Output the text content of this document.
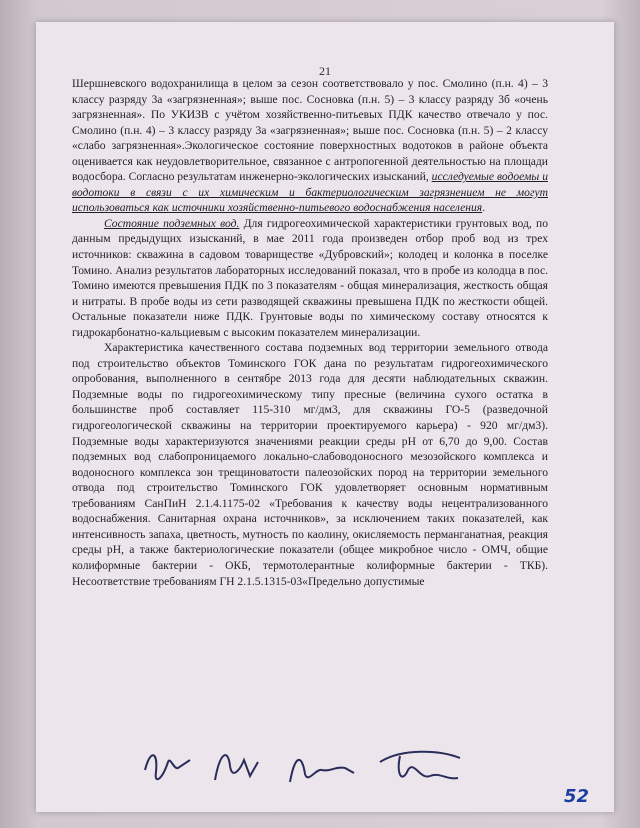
21

Шершневского водохранилища в целом за сезон соответствовало у пос. Смолино (п.н. 4) – 3 классу разряду 3а «загрязненная»; выше пос. Сосновка (п.н. 5) – 3 классу разряду 3б «очень загрязненная». По УКИЗВ с учётом хозяйственно-питьевых ПДК качество отвечало у пос. Смолино (п.н. 4) – 3 классу разряду 3а «загрязненная»; выше пос. Сосновка (п.н. 5) – 2 классу «слабо загрязненная».Экологическое состояние поверхностных водотоков в районе объекта оценивается как неудовлетворительное, связанное с антропогенной деятельностью на площади водосбора. Согласно результатам инженерно-экологических изысканий, исследуемые водоемы и водотоки в связи с их химическим и бактериологическим загрязнением не могут использоваться как источники хозяйственно-питьевого водоснабжения населения.

Состояние подземных вод. Для гидрогеохимической характеристики грунтовых вод, по данным предыдущих изысканий, в мае 2011 года произведен отбор проб вод из трех источников: скважина в садовом товариществе «Дубровский»; колодец и колонка в поселке Томино. Анализ результатов лабораторных исследований показал, что в пробе из колодца в пос. Томино имеются превышения ПДК по 3 показателям - общая минерализация, жесткость общая и нитраты. В пробе воды из сети разводящей скважины превышена ПДК по жесткости общей. Остальные показатели ниже ПДК. Грунтовые воды по химическому составу относятся к гидрокарбонатно-кальциевым с высоким показателем минерализации.

Характеристика качественного состава подземных вод территории земельного отвода под строительство объектов Томинского ГОК дана по результатам гидрогеохимического опробования, выполненного в сентябре 2013 года для десяти наблюдательных скважин. Подземные воды по гидрогеохимическому типу пресные (величина сухого остатка в большинстве проб составляет 115-310 мг/дм3, для скважины ГО-5 (разведочной гидрогеологической скважины на территории проектируемого карьера) - 920 мг/дм3). Подземные воды характеризуются значениями реакции среды pH от 6,70 до 9,00. Состав подземных вод слабопроницаемого локально-слабоводоносного мезозойского комплекса и водоносного комплекса зон трещиноватости палеозойских пород на территории земельного отвода под строительство Томинского ГОК удовлетворяет основным нормативным требованиям СанПиН 2.1.4.1175-02 «Требования к качеству воды нецентрализованного водоснабжения. Санитарная охрана источников», за исключением таких показателей, как интенсивность запаха, цветность, мутность по каолину, окисляемость перманганатная, реакция среды pH, а также бактериологические показатели (общее микробное число - ОМЧ, общие колиформные бактерии - ОКБ, термотолерантные колиформные бактерии - ТКБ). Несоответствие требованиям ГН 2.1.5.1315-03«Предельно допустимые

52
